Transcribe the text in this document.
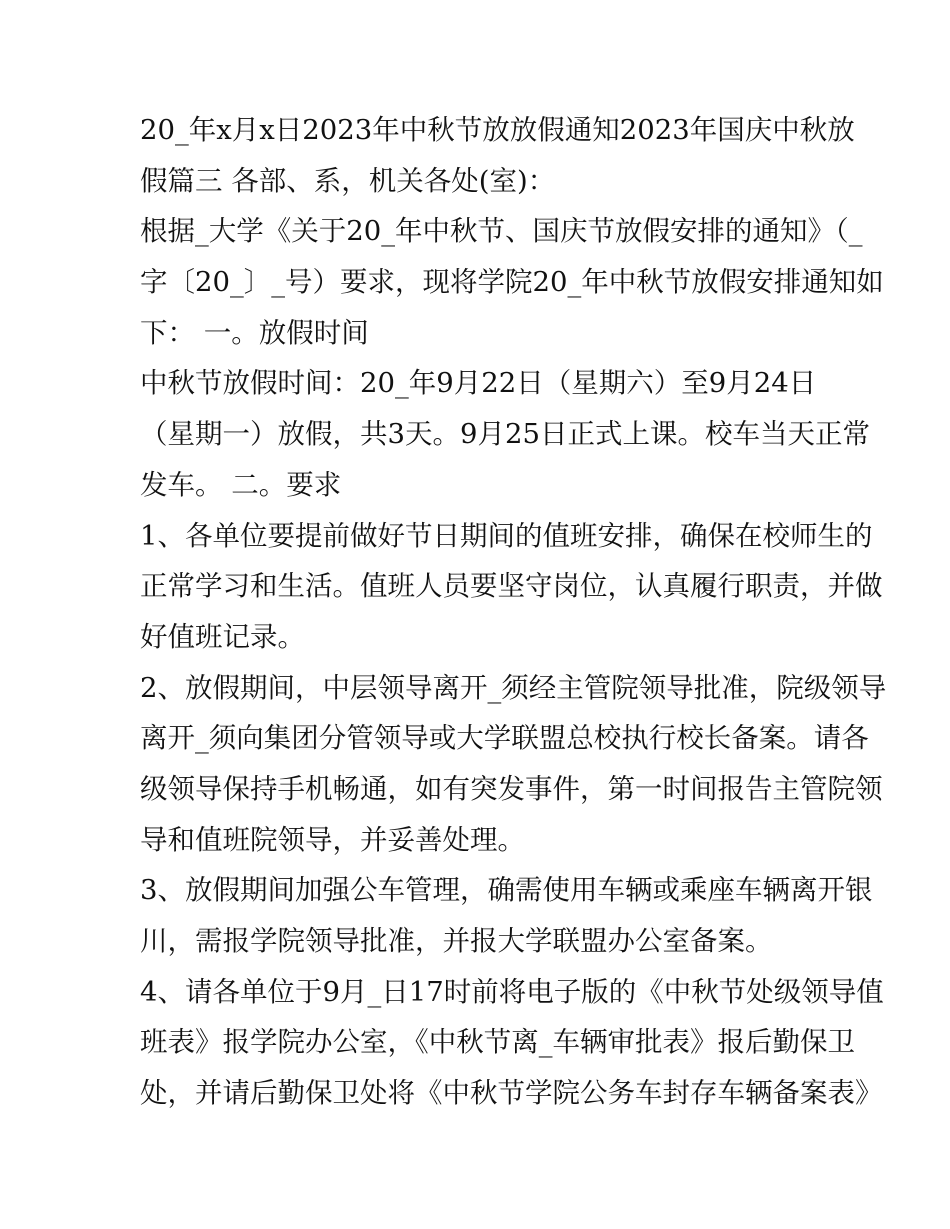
20_年x月x日2023年中秋节放放假通知2023年国庆中秋放
假篇三 各部、系，机关各处(室)：
根据_大学《关于20_年中秋节、国庆节放假安排的通知》（_
字〔20_〕_号）要求，现将学院20_年中秋节放假安排通知如
下： 一。放假时间
中秋节放假时间：20_年9月22日（星期六）至9月24日
（星期一）放假，共3天。9月25日正式上课。校车当天正常
发车。 二。要求
1、各单位要提前做好节日期间的值班安排，确保在校师生的
正常学习和生活。值班人员要坚守岗位，认真履行职责，并做
好值班记录。
2、放假期间，中层领导离开_须经主管院领导批准，院级领导
离开_须向集团分管领导或大学联盟总校执行校长备案。请各
级领导保持手机畅通，如有突发事件，第一时间报告主管院领
导和值班院领导，并妥善处理。
3、放假期间加强公车管理，确需使用车辆或乘座车辆离开银
川，需报学院领导批准，并报大学联盟办公室备案。
4、请各单位于9月_日17时前将电子版的《中秋节处级领导值
班表》报学院办公室，《中秋节离_车辆审批表》报后勤保卫
处，并请后勤保卫处将《中秋节学院公务车封存车辆备案表》
